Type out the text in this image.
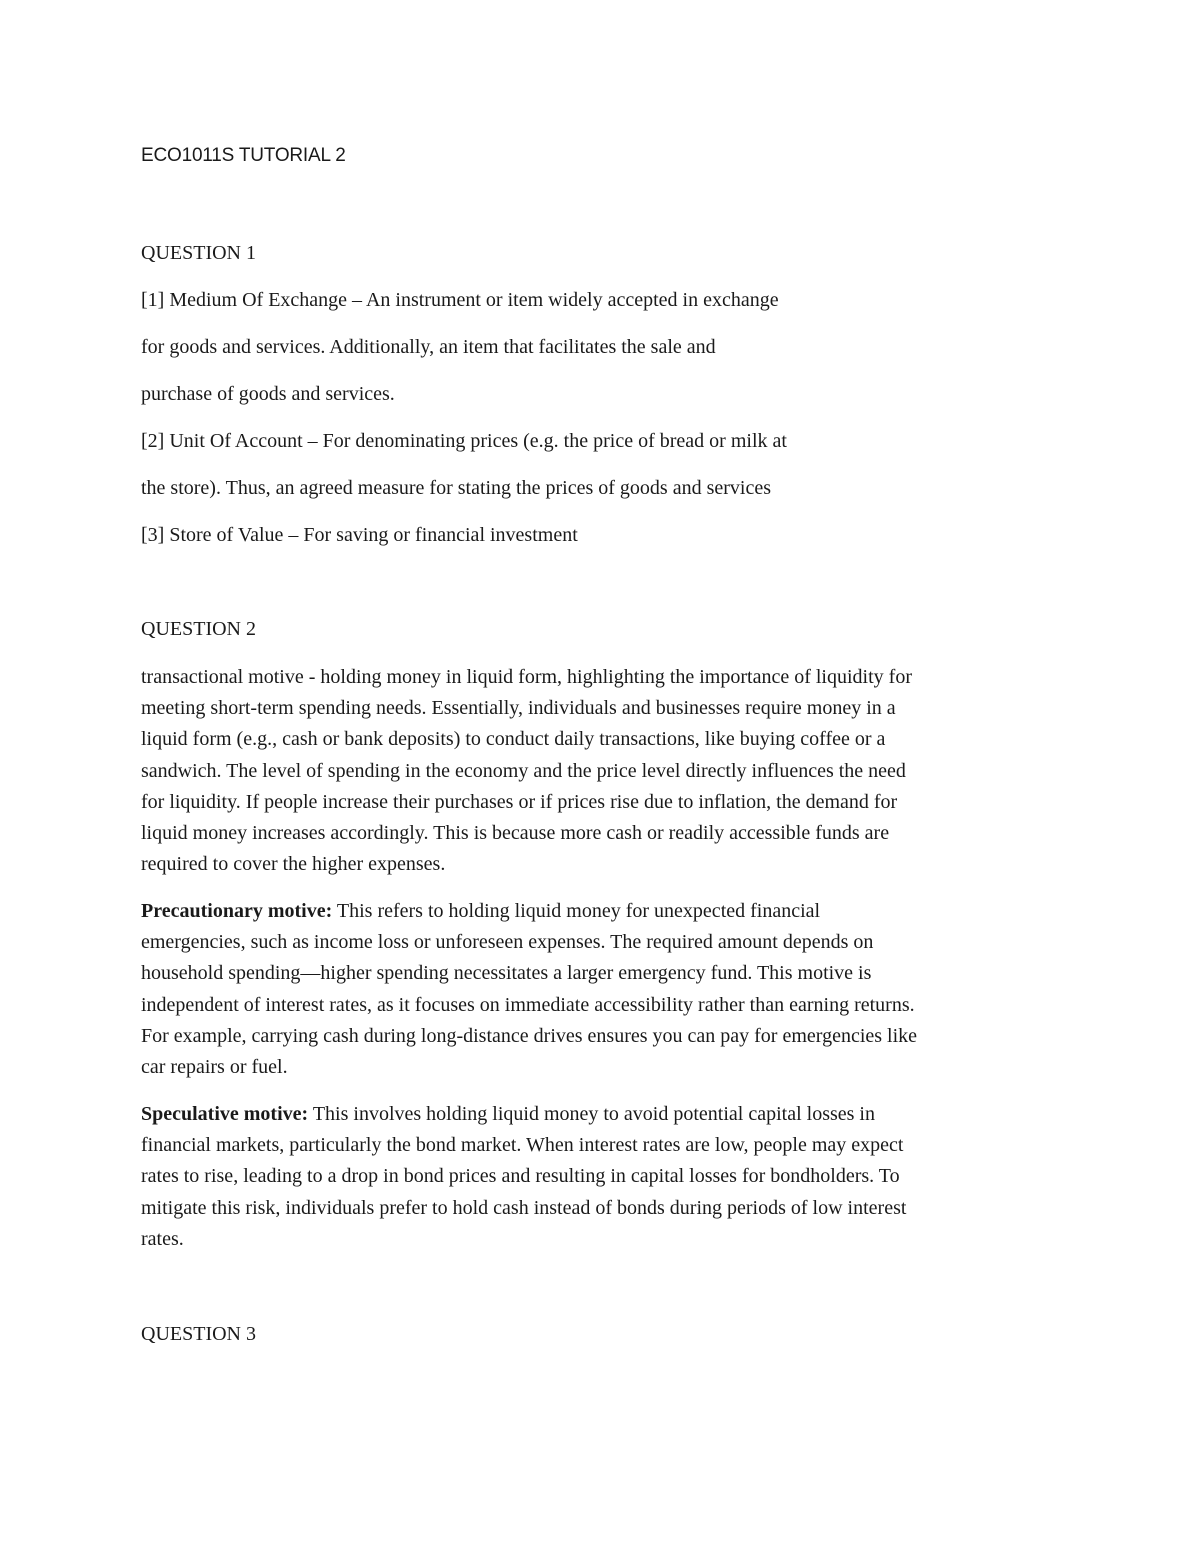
ECO1011S TUTORIAL 2
QUESTION 1
[1] Medium Of Exchange – An instrument or item widely accepted in exchange
for goods and services. Additionally, an item that facilitates the sale and
purchase of goods and services.
[2] Unit Of Account – For denominating prices (e.g. the price of bread or milk at
the store). Thus, an agreed measure for stating the prices of goods and services
[3] Store of Value – For saving or financial investment
QUESTION 2
transactional motive - holding money in liquid form, highlighting the importance of liquidity for
meeting short-term spending needs. Essentially, individuals and businesses require money in a
liquid form (e.g., cash or bank deposits) to conduct daily transactions, like buying coffee or a
sandwich. The level of spending in the economy and the price level directly influences the need
for liquidity. If people increase their purchases or if prices rise due to inflation, the demand for
liquid money increases accordingly. This is because more cash or readily accessible funds are
required to cover the higher expenses.
Precautionary motive: This refers to holding liquid money for unexpected financial
emergencies, such as income loss or unforeseen expenses. The required amount depends on
household spending—higher spending necessitates a larger emergency fund. This motive is
independent of interest rates, as it focuses on immediate accessibility rather than earning returns.
For example, carrying cash during long-distance drives ensures you can pay for emergencies like
car repairs or fuel.
Speculative motive: This involves holding liquid money to avoid potential capital losses in
financial markets, particularly the bond market. When interest rates are low, people may expect
rates to rise, leading to a drop in bond prices and resulting in capital losses for bondholders. To
mitigate this risk, individuals prefer to hold cash instead of bonds during periods of low interest
rates.
QUESTION 3
